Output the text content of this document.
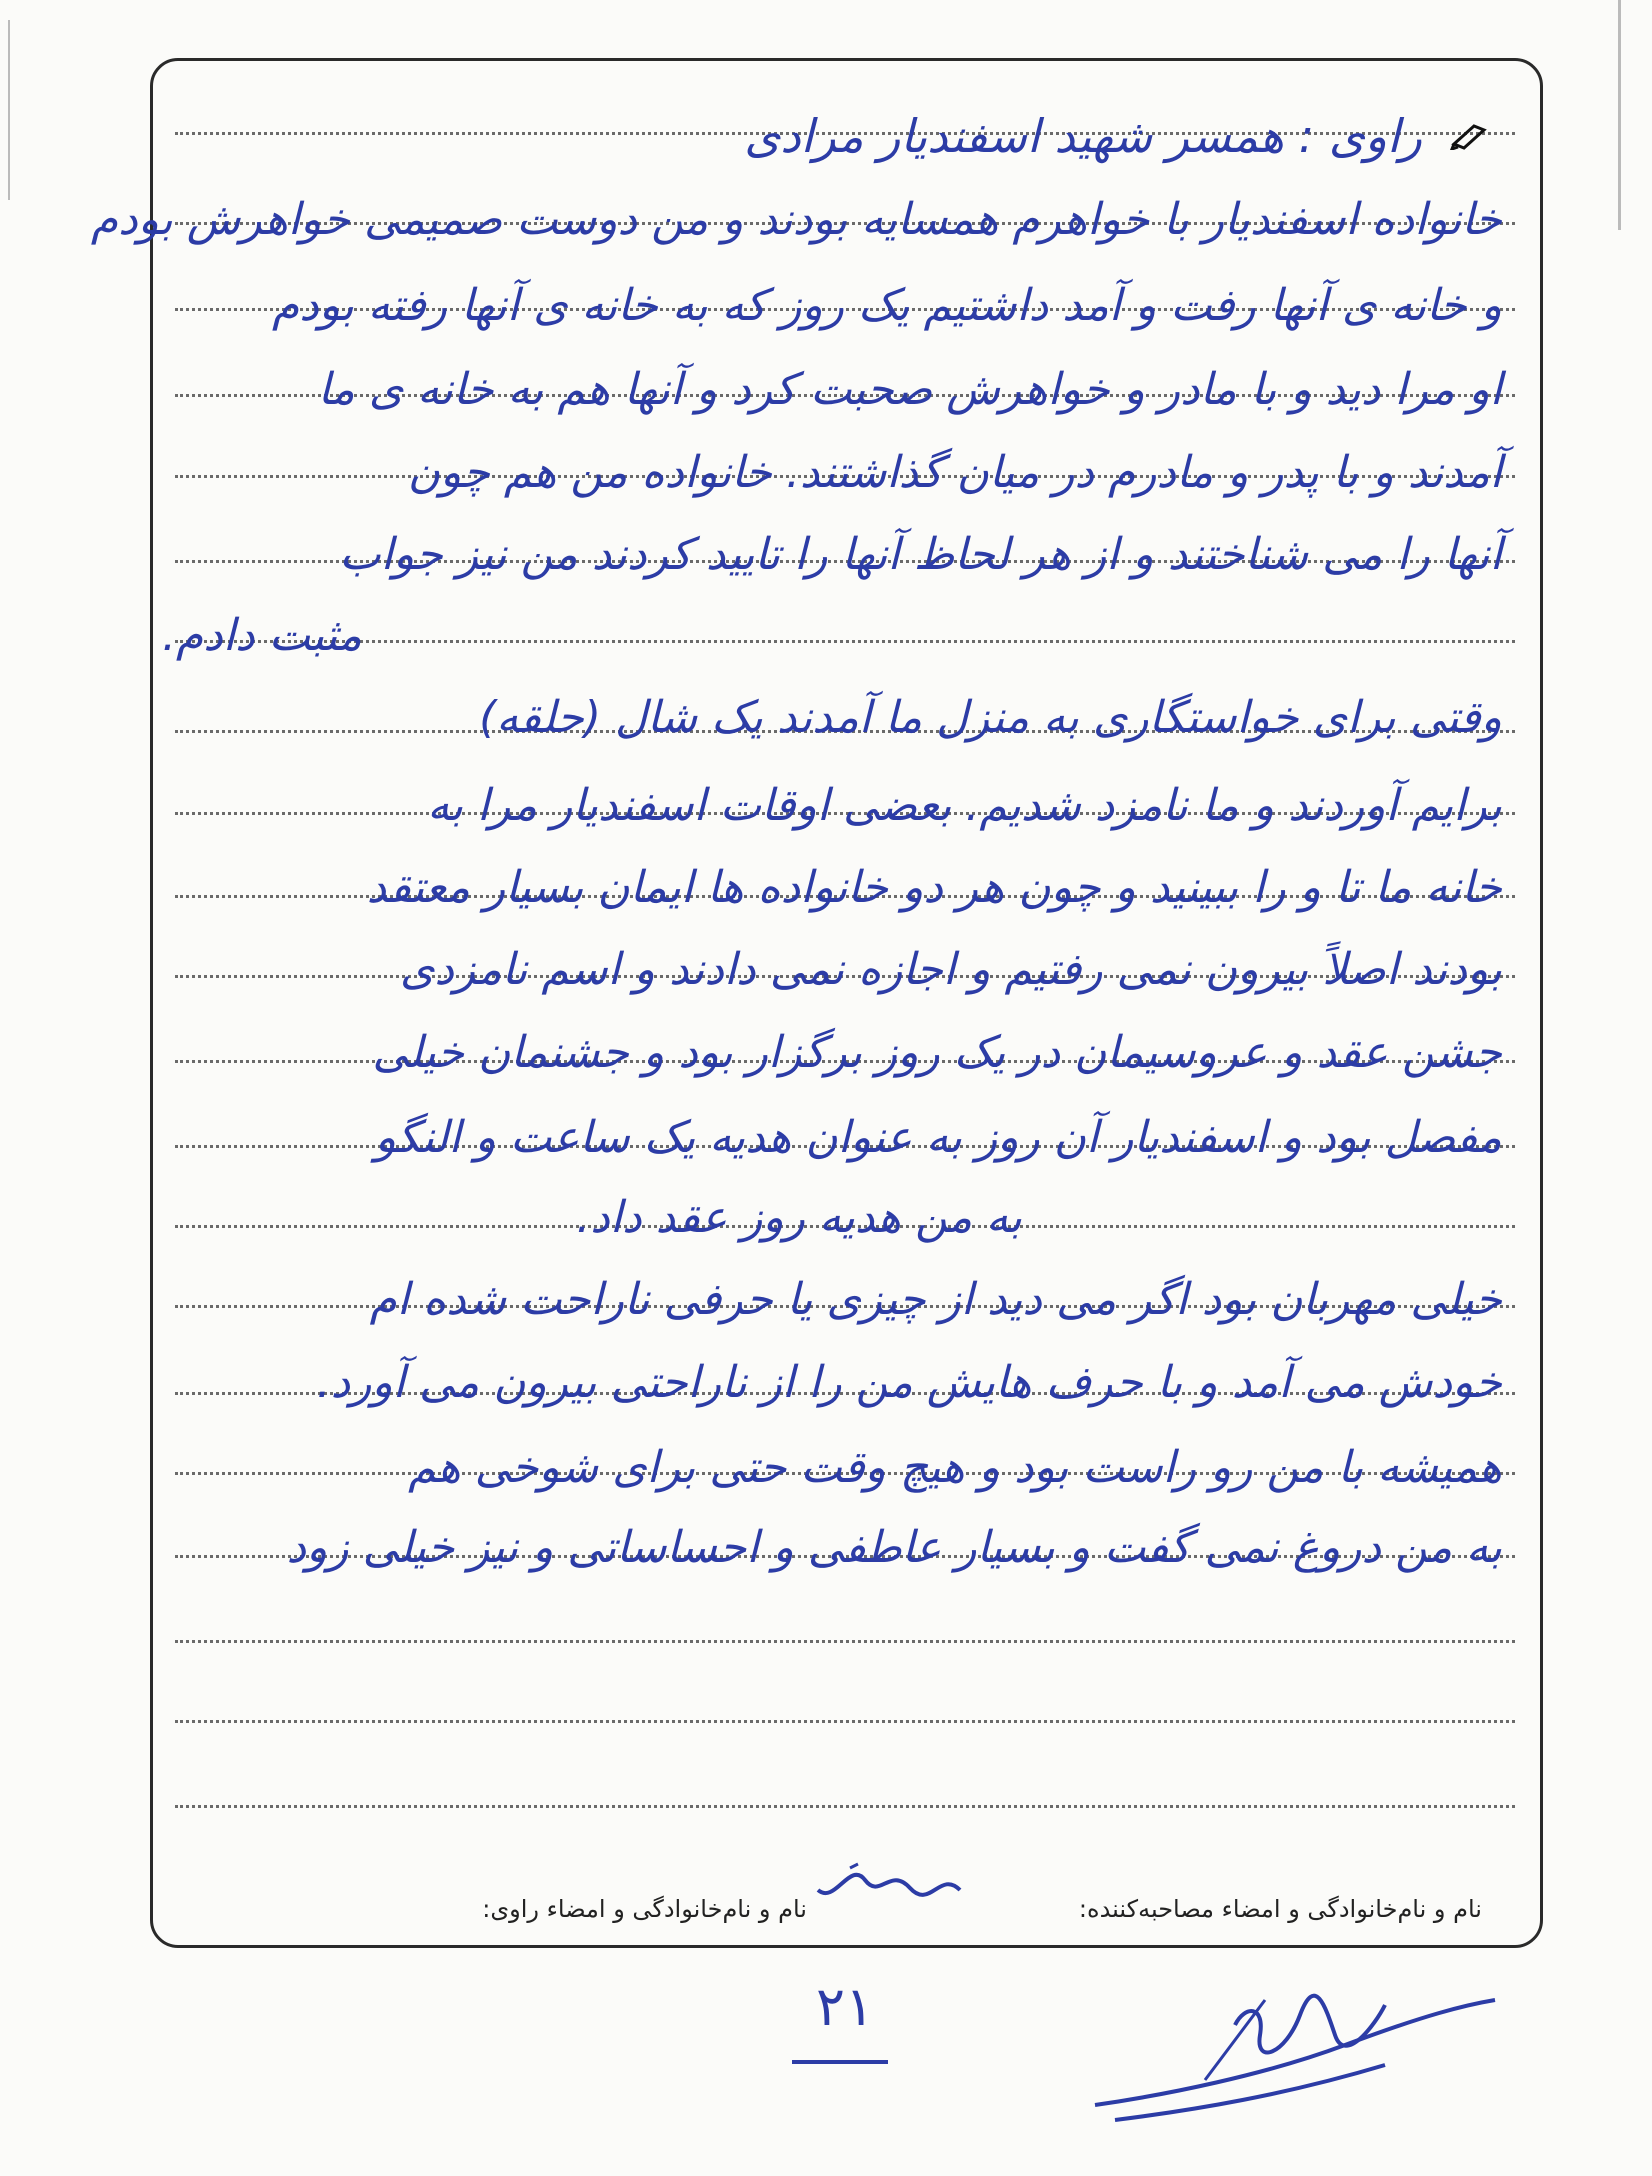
راوی : همسر شهید اسفندیار مرادی
خانواده اسفندیار با خواهرم همسایه بودند و من دوست صمیمی خواهرش بودم
و خانه ی آنها رفت و آمد داشتیم یک روز که به خانه ی آنها رفته بودم
او مرا دید و با مادر و خواهرش صحبت کرد و آنها هم به خانه ی ما
آمدند و با پدر و مادرم در میان گذاشتند. خانواده من هم چون
آنها را می شناختند و از هر لحاظ آنها را تایید کردند من نیز جواب
مثبت دادم.
وقتی برای خواستگاری به منزل ما آمدند یک شال (حلقه)
برایم آوردند و ما نامزد شدیم. بعضی اوقات اسفندیار مرا به
خانه ما تا و را ببینید و چون هر دو خانواده ها ایمان بسیار معتقد
بودند اصلاً بیرون نمی رفتیم و اجازه نمی دادند و اسم نامزدی
جشن عقد و عروسیمان در یک روز برگزار بود و جشنمان خیلی
مفصل بود و اسفندیار آن روز به عنوان هدیه یک ساعت و النگو
به من هدیه روز عقد داد.
خیلی مهربان بود اگر می دید از چیزی یا حرفی ناراحت شده ام
خودش می آمد و با حرف هایش من را از ناراحتی بیرون می آورد.
همیشه با من رو راست بود و هیچ وقت حتی برای شوخی هم
به من دروغ نمی گفت و بسیار عاطفی و احساساتی و نیز خیلی زود
نام و نام‌خانوادگی و امضاء مصاحبه‌کننده:
نام و نام‌خانوادگی و امضاء راوی:
۲۱
